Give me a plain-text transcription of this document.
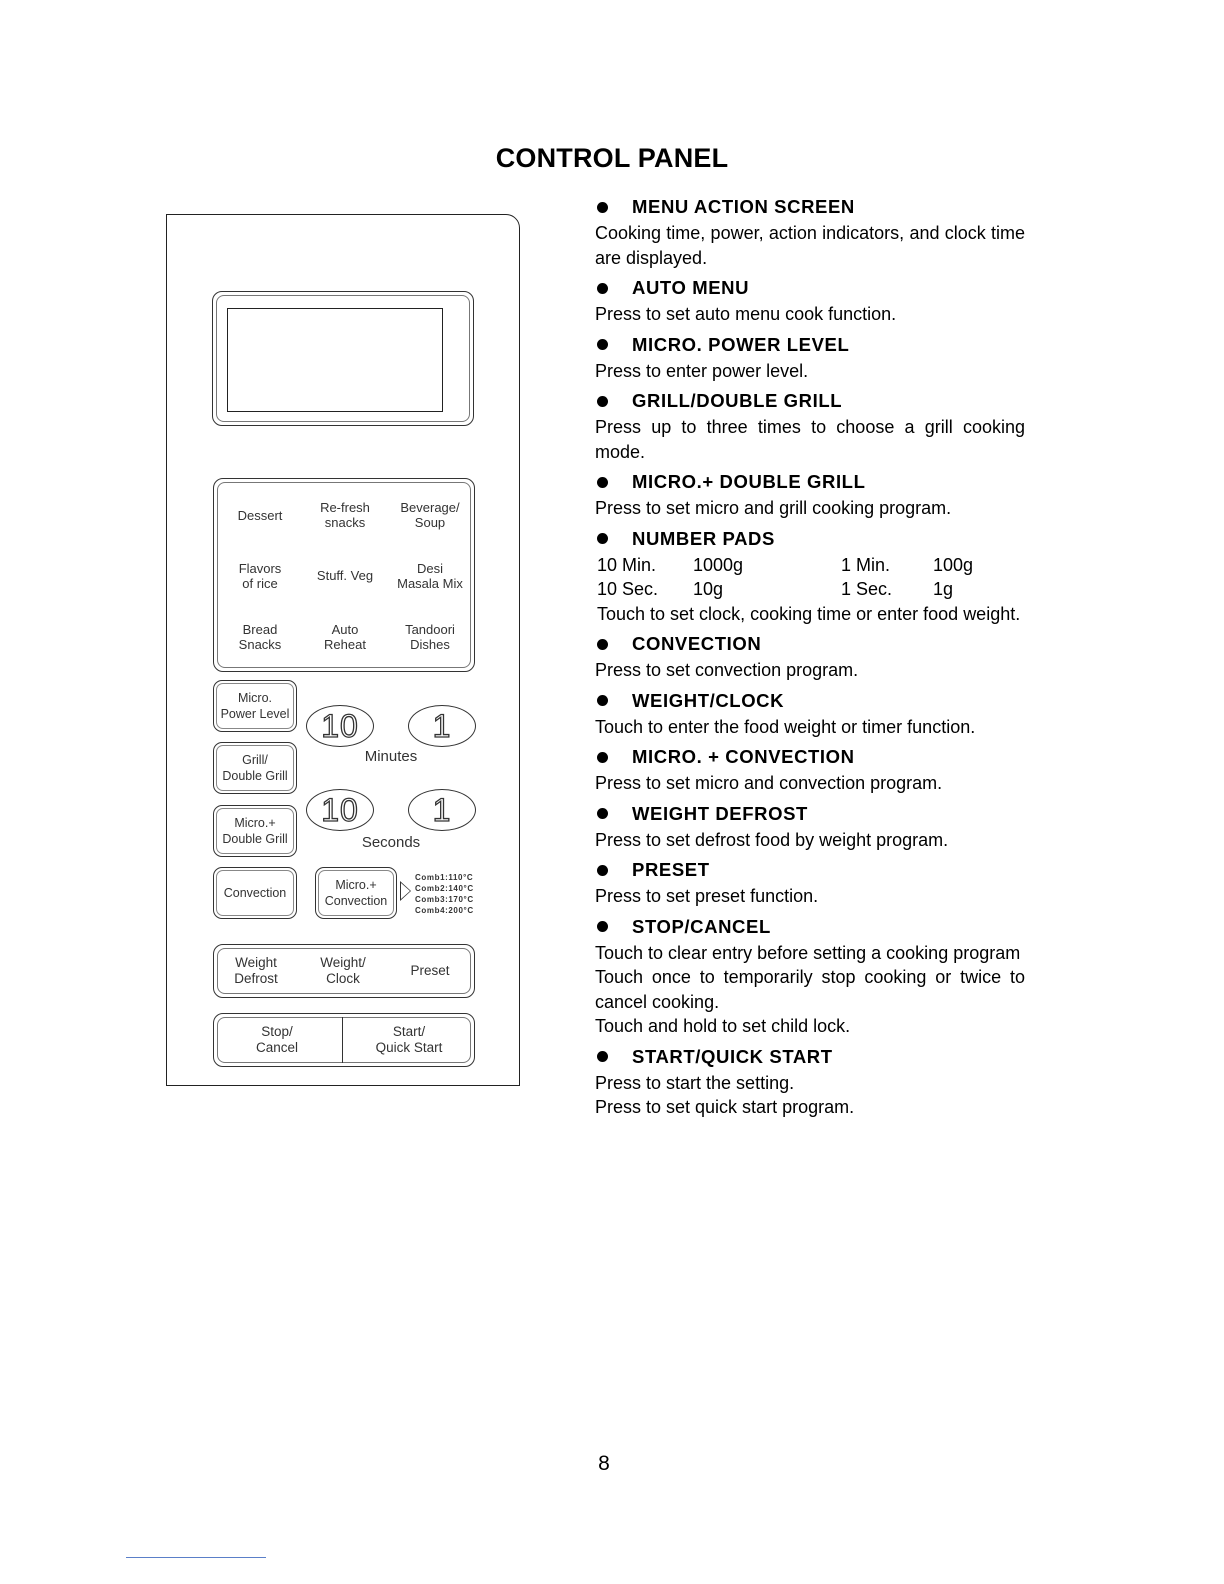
CONTROL PANEL
Dessert	Re-fresh
snacks
Beverage/
Soup
Flavors
of rice	Stuff. Veg	Desi
Masala Mix
Bread
Snacks
Auto
Reheat
Tandoori
Dishes
Micro.
Power Level
Grill/
Double Grill
Micro.+
Double Grill
Convection
Micro.+
Convection
10	1
Minutes
10	1
Seconds
Comb1:110°C
Comb2:140°C
Comb3:170°C
Comb4:200°C
Weight
Defrost
Weight/
Clock
Preset
Stop/
Cancel
Start/
Quick Start
MENU ACTION SCREEN
Cooking time, power, action indicators, and clock time are displayed.
AUTO MENU
Press to set auto menu cook function.
MICRO. POWER LEVEL
Press to enter power level.
GRILL/DOUBLE GRILL
Press up to three times to choose a grill cooking mode.
MICRO.+ DOUBLE GRILL
Press to set micro and grill cooking program.
NUMBER PADS
10 Min.	1000g	1 Min.	100g
10 Sec.	10g	1 Sec.	1g
Touch to set clock, cooking time or enter food weight.
CONVECTION
Press to set convection program.
WEIGHT/CLOCK
Touch to enter the food weight or timer function.
MICRO. + CONVECTION
Press to set micro and convection program.
WEIGHT DEFROST
Press to set defrost food by weight program.
PRESET
Press to set preset function.
STOP/CANCEL

Touch to clear entry before setting a cooking program

Touch once to temporarily stop cooking or twice to cancel cooking.

Touch and hold to set child lock.

START/QUICK START

Press to start the setting.

Press to set quick start program.

8
